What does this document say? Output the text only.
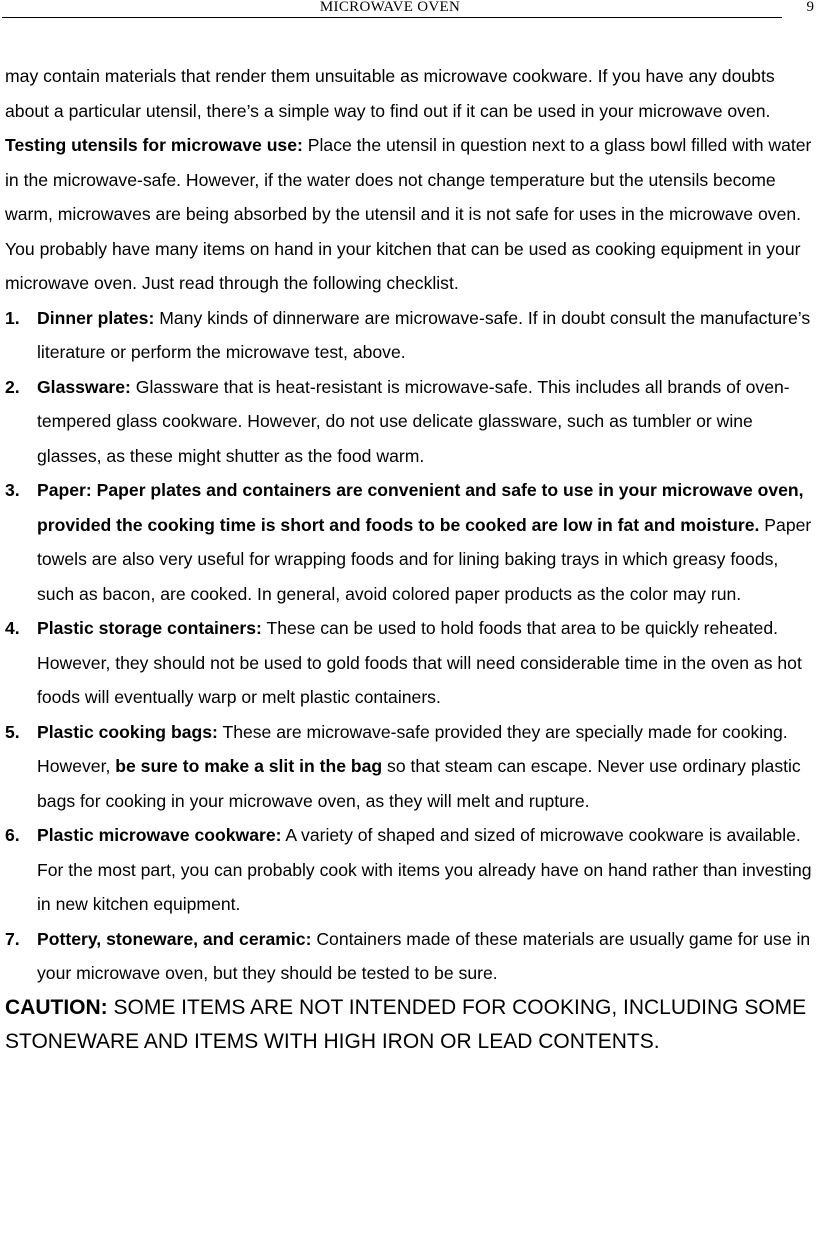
MICROWAVE OVEN	9

may contain materials that render them unsuitable as microwave cookware. If you have any doubts about a particular utensil, there’s a simple way to find out if it can be used in your microwave oven.

Testing utensils for microwave use: Place the utensil in question next to a glass bowl filled with water in the microwave-safe. However, if the water does not change temperature but the utensils become warm, microwaves are being absorbed by the utensil and it is not safe for uses in the microwave oven. You probably have many items on hand in your kitchen that can be used as cooking equipment in your microwave oven. Just read through the following checklist.

1. Dinner plates: Many kinds of dinnerware are microwave-safe. If in doubt consult the manufacture’s literature or perform the microwave test, above.
2. Glassware: Glassware that is heat-resistant is microwave-safe. This includes all brands of oven-tempered glass cookware. However, do not use delicate glassware, such as tumbler or wine glasses, as these might shutter as the food warm.
3. Paper: Paper plates and containers are convenient and safe to use in your microwave oven, provided the cooking time is short and foods to be cooked are low in fat and moisture. Paper towels are also very useful for wrapping foods and for lining baking trays in which greasy foods, such as bacon, are cooked. In general, avoid colored paper products as the color may run.
4. Plastic storage containers: These can be used to hold foods that area to be quickly reheated. However, they should not be used to gold foods that will need considerable time in the oven as hot foods will eventually warp or melt plastic containers.
5. Plastic cooking bags: These are microwave-safe provided they are specially made for cooking. However, be sure to make a slit in the bag so that steam can escape. Never use ordinary plastic bags for cooking in your microwave oven, as they will melt and rupture.
6. Plastic microwave cookware: A variety of shaped and sized of microwave cookware is available. For the most part, you can probably cook with items you already have on hand rather than investing in new kitchen equipment.
7. Pottery, stoneware, and ceramic: Containers made of these materials are usually game for use in your microwave oven, but they should be tested to be sure.

CAUTION: SOME ITEMS ARE NOT INTENDED FOR COOKING, INCLUDING SOME STONEWARE AND ITEMS WITH HIGH IRON OR LEAD CONTENTS.
